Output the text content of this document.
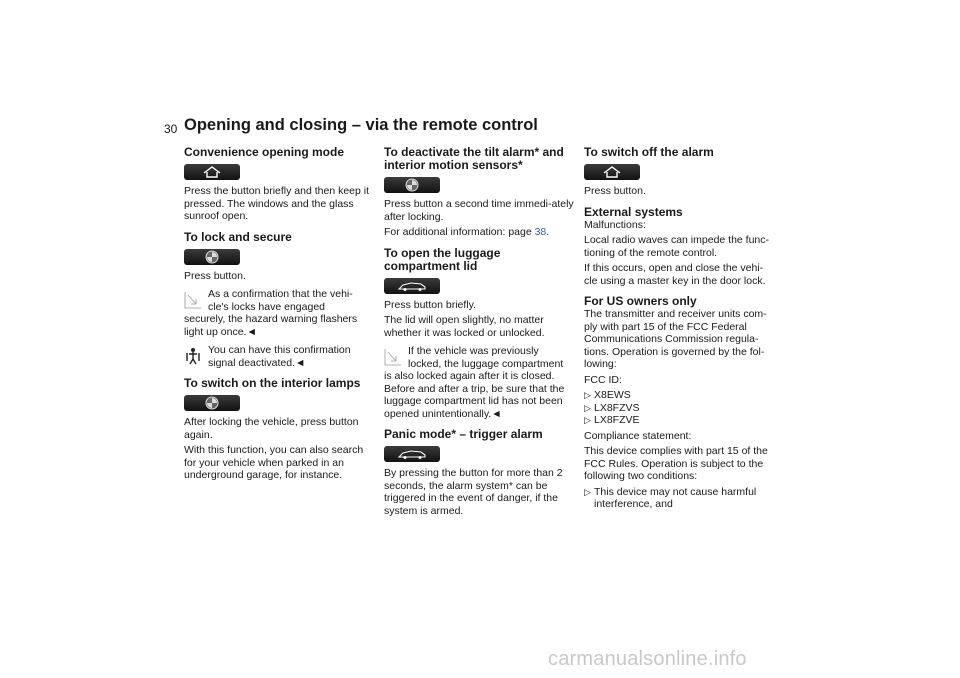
30 Opening and closing – via the remote control
Convenience opening mode

Press the button briefly and then keep it pressed. The windows and the glass sunroof open.

To lock and secure

Press button.

As a confirmation that the vehi-

cle's locks have engaged

securely, the hazard warning flashers light up once.◄

You can have this confirmation

signal deactivated.◄

To switch on the interior lamps

After locking the vehicle, press button again.

With this function, you can also search for your vehicle when parked in an underground garage, for instance.

To deactivate the tilt alarm* and interior motion sensors*

Press button a second time immedi-ately after locking.

For additional information: page 38.

To open the luggage compartment lid

Press button briefly.

The lid will open slightly, no matter whether it was locked or unlocked.

If the vehicle was previously

locked, the luggage compartment

is also locked again after it is closed. Before and after a trip, be sure that the luggage compartment lid has not been opened unintentionally.◄

Panic mode* – trigger alarm

By pressing the button for more than 2 seconds, the alarm system* can be triggered in the event of danger, if the system is armed.

To switch off the alarm

Press button.

External systems

Malfunctions:

Local radio waves can impede the func-tioning of the remote control.

If this occurs, open and close the vehi-cle using a master key in the door lock.

For US owners only

The transmitter and receiver units com-ply with part 15 of the FCC Federal Communications Commission regula-tions. Operation is governed by the fol-lowing:

FCC ID:

▷ X8EWS
▷ LX8FZVS
▷ LX8FZVE

Compliance statement:

This device complies with part 15 of the FCC Rules. Operation is subject to the following two conditions:

▷ This device may not cause harmful interference, and
carmanualsonline.info
